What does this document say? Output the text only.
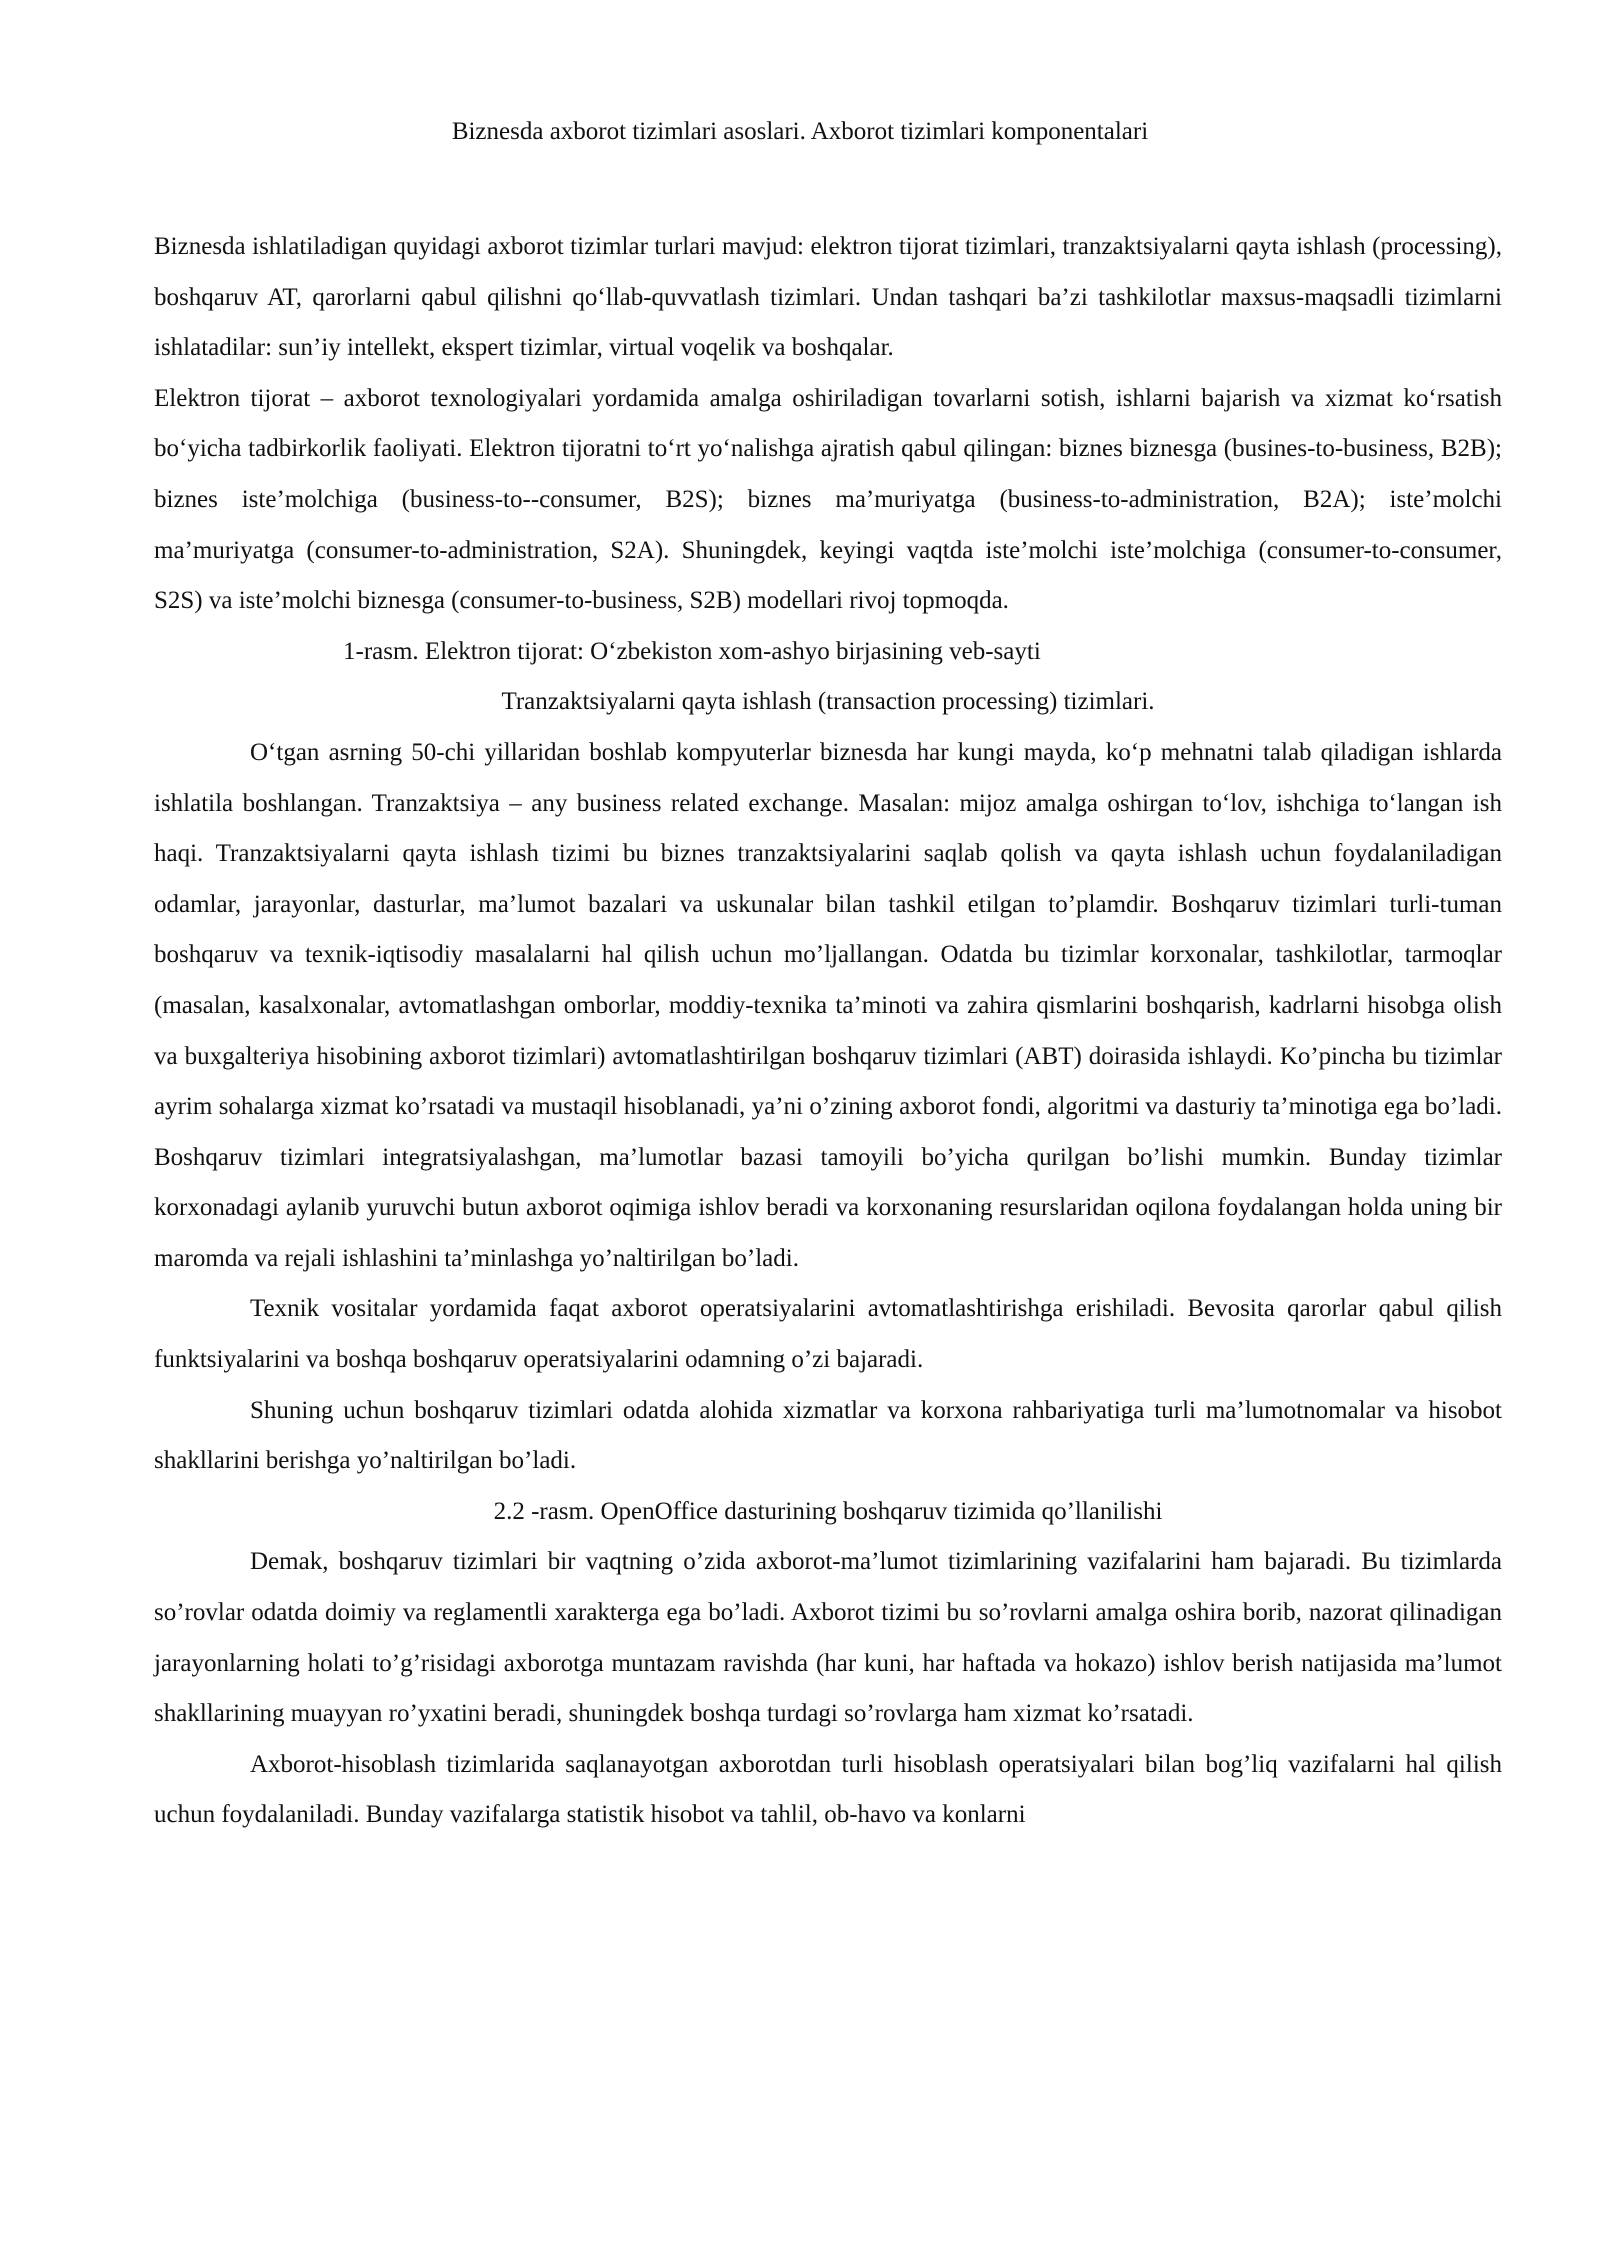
Biznesda axborot tizimlari asoslari. Axborot tizimlari komponentalari

Biznesda ishlatiladigan quyidagi axborot tizimlar turlari mavjud: elektron tijorat tizimlari, tranzaktsiyalarni qayta ishlash (processing), boshqaruv AT, qarorlarni qabul qilishni qo‘llab-quvvatlash tizimlari. Undan tashqari ba’zi tashkilotlar maxsus-maqsadli tizimlarni ishlatadilar: sun’iy intellekt, ekspert tizimlar, virtual voqelik va boshqalar.

Elektron tijorat – axborot texnologiyalari yordamida amalga oshiriladigan tovarlarni sotish, ishlarni bajarish va xizmat ko‘rsatish bo‘yicha tadbirkorlik faoliyati. Elektron tijoratni to‘rt yo‘nalishga ajratish qabul qilingan: biznes biznesga (busines-to-business, B2B); biznes iste’molchiga (business-to--consumer, B2S); biznes ma’muriyatga (business-to-administration, B2A); iste’molchi ma’muriyatga (consumer-to-administration, S2A). Shuningdek, keyingi vaqtda iste’molchi iste’molchiga (consumer-to-consumer, S2S) va iste’molchi biznesga (consumer-to-business, S2B) modellari rivoj topmoqda.

1-rasm. Elektron tijorat: O‘zbekiston xom-ashyo birjasining veb-sayti

Tranzaktsiyalarni qayta ishlash (transaction processing) tizimlari.

O‘tgan asrning 50-chi yillaridan boshlab kompyuterlar biznesda har kungi mayda, ko‘p mehnatni talab qiladigan ishlarda ishlatila boshlangan. Tranzaktsiya – any business related exchange. Masalan: mijoz amalga oshirgan to‘lov, ishchiga to‘langan ish haqi. Tranzaktsiyalarni qayta ishlash tizimi bu biznes tranzaktsiyalarini saqlab qolish va qayta ishlash uchun foydalaniladigan odamlar, jarayonlar, dasturlar, ma’lumot bazalari va uskunalar bilan tashkil etilgan to’plamdir. Boshqaruv tizimlari turli-tuman boshqaruv va texnik-iqtisodiy masalalarni hal qilish uchun mo’ljallangan. Odatda bu tizimlar korxonalar, tashkilotlar, tarmoqlar (masalan, kasalxonalar, avtomatlashgan omborlar, moddiy-texnika ta’minoti va zahira qismlarini boshqarish, kadrlarni hisobga olish va buxgalteriya hisobining axborot tizimlari) avtomatlashtirilgan boshqaruv tizimlari (ABT) doirasida ishlaydi. Ko’pincha bu tizimlar ayrim sohalarga xizmat ko’rsatadi va mustaqil hisoblanadi, ya’ni o’zining axborot fondi, algoritmi va dasturiy ta’minotiga ega bo’ladi. Boshqaruv tizimlari integratsiyalashgan, ma’lumotlar bazasi tamoyili bo’yicha qurilgan bo’lishi mumkin. Bunday tizimlar korxonadagi aylanib yuruvchi butun axborot oqimiga ishlov beradi va korxonaning resurslaridan oqilona foydalangan holda uning bir maromda va rejali ishlashini ta’minlashga yo’naltirilgan bo’ladi.

Texnik vositalar yordamida faqat axborot operatsiyalarini avtomatlashtirishga erishiladi. Bevosita qarorlar qabul qilish funktsiyalarini va boshqa boshqaruv operatsiyalarini odamning o’zi bajaradi.

Shuning uchun boshqaruv tizimlari odatda alohida xizmatlar va korxona rahbariyatiga turli ma’lumotnomalar va hisobot shakllarini berishga yo’naltirilgan bo’ladi.

2.2 -rasm. OpenOffice dasturining boshqaruv tizimida qo’llanilishi

Demak, boshqaruv tizimlari bir vaqtning o’zida axborot-ma’lumot tizimlarining vazifalarini ham bajaradi. Bu tizimlarda so’rovlar odatda doimiy va reglamentli xarakterga ega bo’ladi. Axborot tizimi bu so’rovlarni amalga oshira borib, nazorat qilinadigan jarayonlarning holati to’g’risidagi axborotga muntazam ravishda (har kuni, har haftada va hokazo) ishlov berish natijasida ma’lumot shakllarining muayyan ro’yxatini beradi, shuningdek boshqa turdagi so’rovlarga ham xizmat ko’rsatadi.

Axborot-hisoblash tizimlarida saqlanayotgan axborotdan turli hisoblash operatsiyalari bilan bog’liq vazifalarni hal qilish uchun foydalaniladi. Bunday vazifalarga statistik hisobot va tahlil, ob-havo va konlarni
